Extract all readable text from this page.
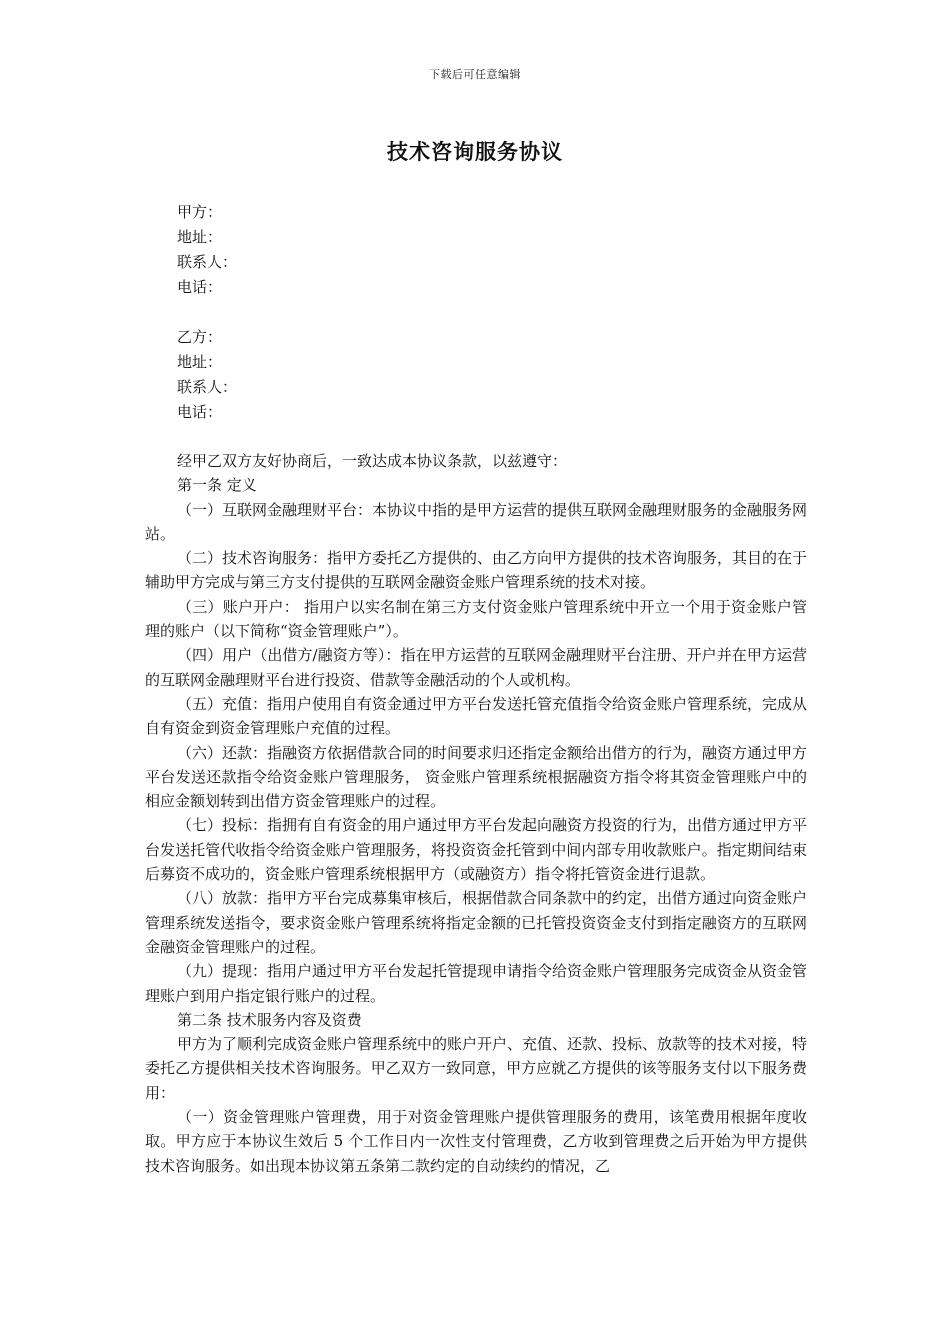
下载后可任意编辑
技术咨询服务协议
甲方：
地址：
联系人：
电话：
乙方：
地址：
联系人：
电话：

经甲乙双方友好协商后，一致达成本协议条款，以兹遵守：

第一条 定义

（一）互联网金融理财平台：本协议中指的是甲方运营的提供互联网金融理财服务的金融服务网站。

（二）技术咨询服务：指甲方委托乙方提供的、由乙方向甲方提供的技术咨询服务，其目的在于辅助甲方完成与第三方支付提供的互联网金融资金账户管理系统的技术对接。

（三）账户开户： 指用户以实名制在第三方支付资金账户管理系统中开立一个用于资金账户管理的账户（以下简称“资金管理账户”）。

（四）用户（出借方/融资方等）：指在甲方运营的互联网金融理财平台注册、开户并在甲方运营的互联网金融理财平台进行投资、借款等金融活动的个人或机构。

（五）充值：指用户使用自有资金通过甲方平台发送托管充值指令给资金账户管理系统，完成从自有资金到资金管理账户充值的过程。

（六）还款：指融资方依据借款合同的时间要求归还指定金额给出借方的行为，融资方通过甲方平台发送还款指令给资金账户管理服务， 资金账户管理系统根据融资方指令将其资金管理账户中的相应金额划转到出借方资金管理账户的过程。

（七）投标：指拥有自有资金的用户通过甲方平台发起向融资方投资的行为，出借方通过甲方平台发送托管代收指令给资金账户管理服务，将投资资金托管到中间内部专用收款账户。指定期间结束后募资不成功的，资金账户管理系统根据甲方（或融资方）指令将托管资金进行退款。

（八）放款：指甲方平台完成募集审核后，根据借款合同条款中的约定，出借方通过向资金账户管理系统发送指令，要求资金账户管理系统将指定金额的已托管投资资金支付到指定融资方的互联网金融资金管理账户的过程。

（九）提现：指用户通过甲方平台发起托管提现申请指令给资金账户管理服务完成资金从资金管理账户到用户指定银行账户的过程。

第二条 技术服务内容及资费

甲方为了顺利完成资金账户管理系统中的账户开户、充值、还款、投标、放款等的技术对接，特委托乙方提供相关技术咨询服务。甲乙双方一致同意，甲方应就乙方提供的该等服务支付以下服务费用：

（一）资金管理账户管理费，用于对资金管理账户提供管理服务的费用，该笔费用根据年度收取。甲方应于本协议生效后 5 个工作日内一次性支付管理费，乙方收到管理费之后开始为甲方提供技术咨询服务。如出现本协议第五条第二款约定的自动续约的情况，乙
